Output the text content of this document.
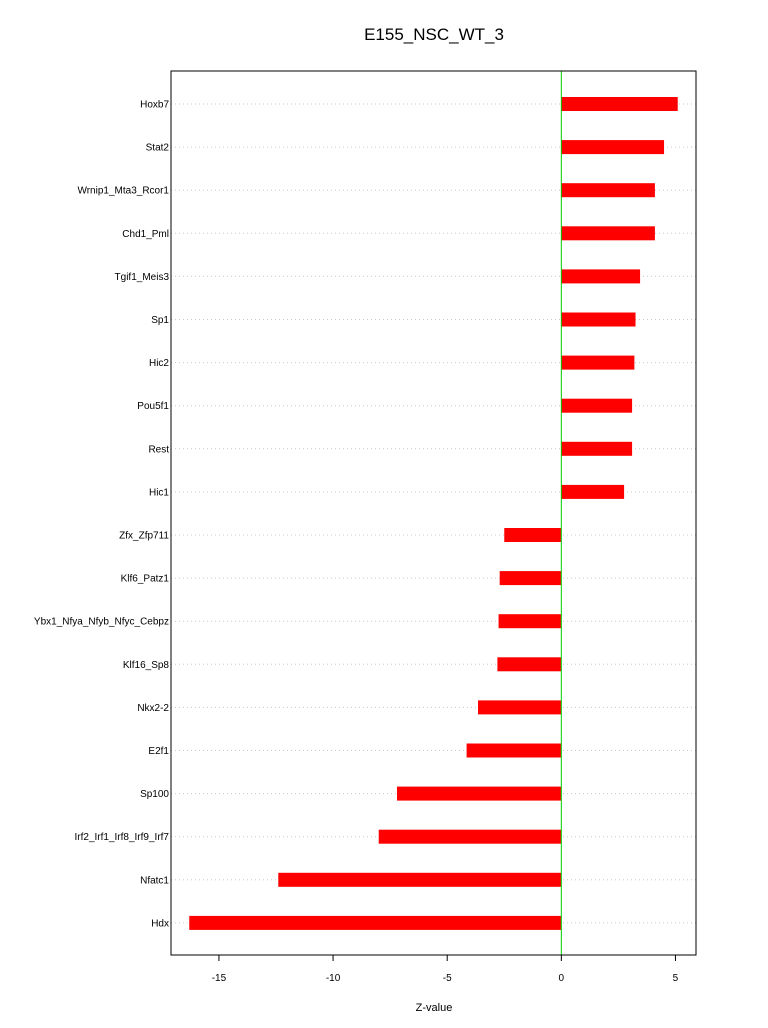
E155_NSC_WT_3
Hoxb7
Stat2
Wrnip1_Mta3_Rcor1
Chd1_Pml
Tgif1_Meis3
Sp1
Hic2
Pou5f1
Rest
Hic1
Zfx_Zfp711
Klf6_Patz1
Ybx1_Nfya_Nfyb_Nfyc_Cebpz
Klf16_Sp8
Nkx2-2
E2f1
Sp100
Irf2_Irf1_Irf8_Irf9_Irf7
Nfatc1
Hdx
-15	-10	-5	0	5
Z-value
